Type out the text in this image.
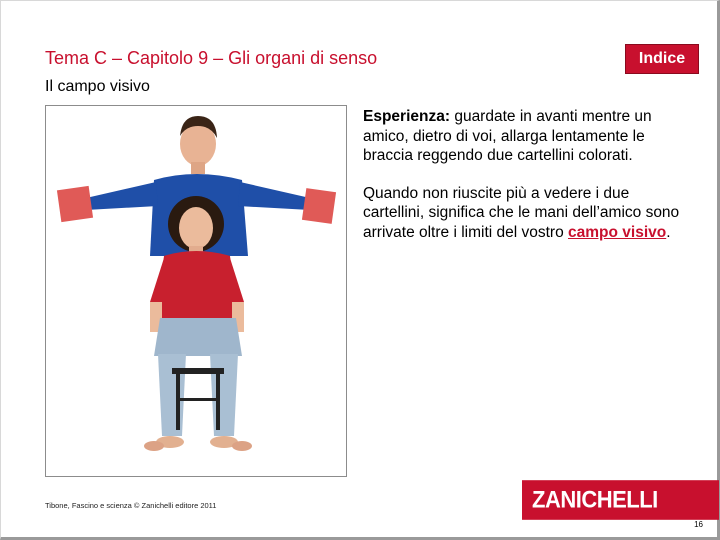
Tema C – Capitolo 9 – Gli organi di senso
Il campo visivo
Indice

Esperienza: guardate in avanti mentre un amico, dietro di voi, allarga lentamente le braccia reggendo due cartellini colorati.

Quando non riuscite più a vedere i due cartellini, significa che le mani dell’amico sono arrivate oltre i limiti del vostro campo visivo.

Tibone, Fascino e scienza © Zanichelli editore 2011	ZANICHELLI
16
